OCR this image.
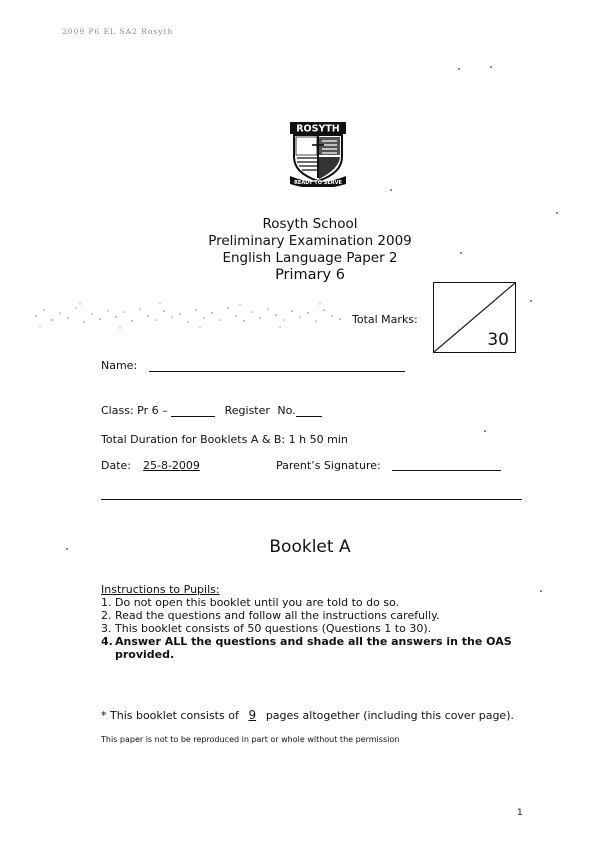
2009 P6 EL SA2 Rosyth
ROSYTH
READY TO SERVE
Rosyth School
Preliminary Examination 2009
English Language Paper 2
Primary 6
Total Marks:
30
Name:
Class: Pr 6 –	Register No.
Total Duration for Booklets A & B: 1 h 50 min
Date: 25-8-2009	Parent’s Signature:
Booklet A
Instructions to Pupils:
1. Do not open this booklet until you are told to do so.
2. Read the questions and follow all the instructions carefully.
3. This booklet consists of 50 questions (Questions 1 to 30).
4. Answer ALL the questions and shade all the answers in the OAS provided.
* This booklet consists of 9 pages altogether (including this cover page).
This paper is not to be reproduced in part or whole without the permission
1
